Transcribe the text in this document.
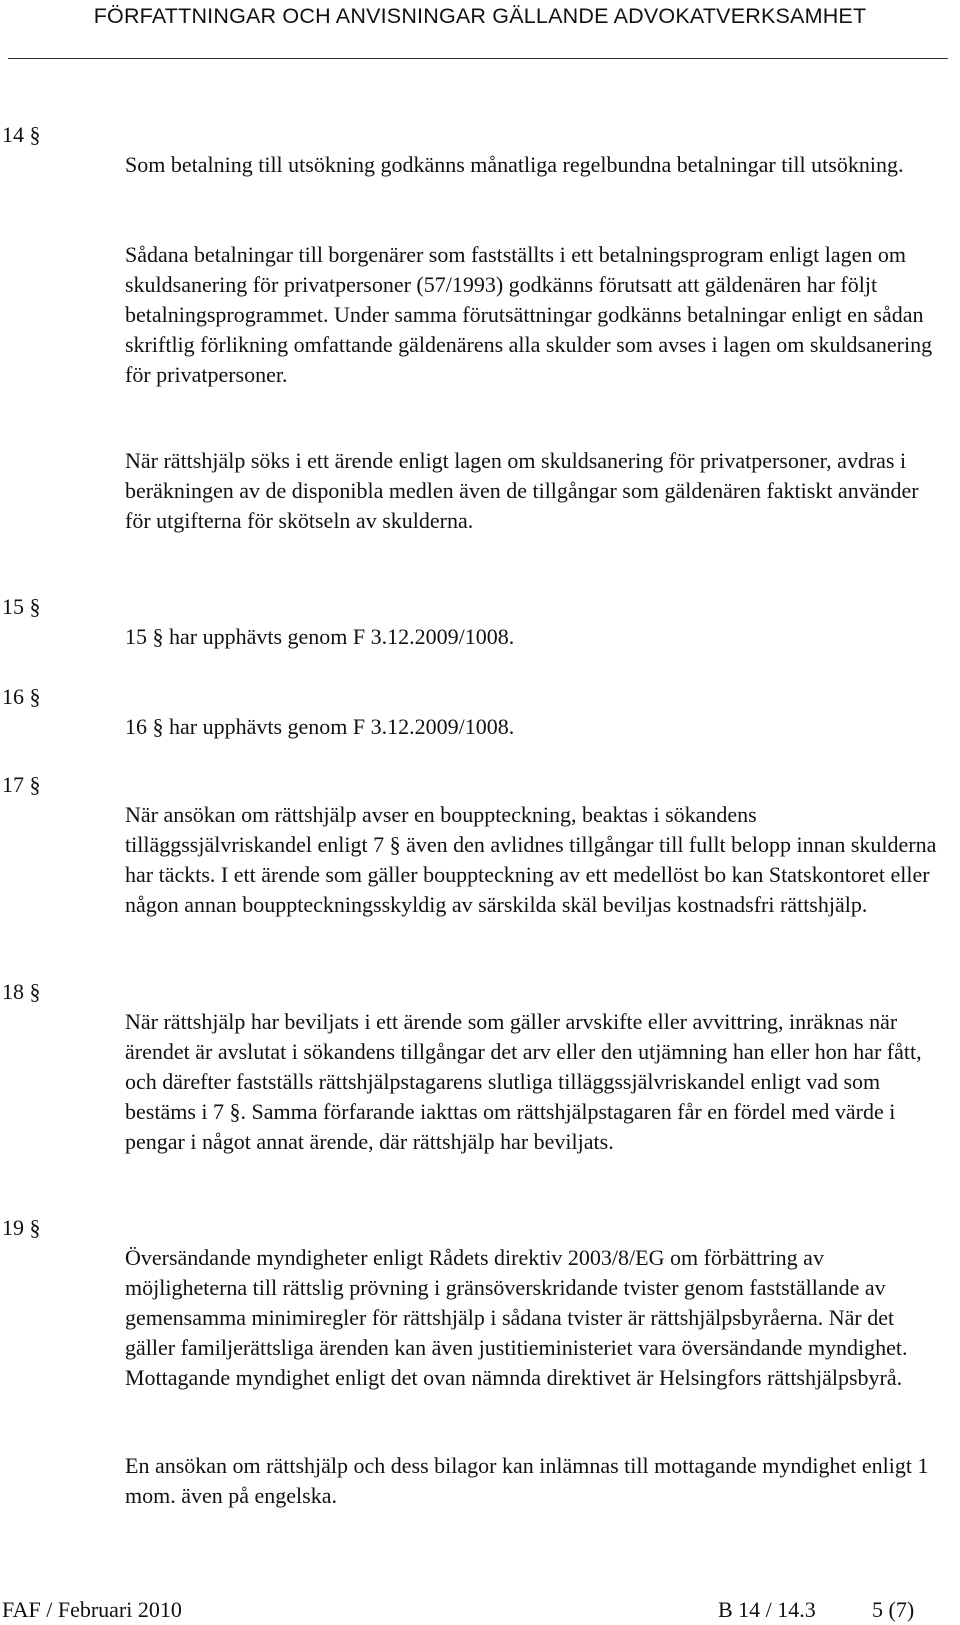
FÖRFATTNINGAR OCH ANVISNINGAR GÄLLANDE ADVOKATVERKSAMHET
14 §

Som betalning till utsökning godkänns månatliga regelbundna betalningar till utsökning.

Sådana betalningar till borgenärer som fastställts i ett betalningsprogram enligt lagen om skuldsanering för privatpersoner (57/1993) godkänns förutsatt att gäldenären har följt betalningsprogrammet. Under samma förutsättningar godkänns betalningar enligt en sådan skriftlig förlikning omfattande gäldenärens alla skulder som avses i lagen om skuldsanering för privatpersoner.

När rättshjälp söks i ett ärende enligt lagen om skuldsanering för privatpersoner, avdras i beräkningen av de disponibla medlen även de tillgångar som gäldenären faktiskt använder för utgifterna för skötseln av skulderna.

15 §

15 § har upphävts genom F 3.12.2009/1008.

16 §

16 § har upphävts genom F 3.12.2009/1008.

17 §

När ansökan om rättshjälp avser en bouppteckning, beaktas i sökandens tilläggssjälvriskandel enligt 7 § även den avlidnes tillgångar till fullt belopp innan skulderna har täckts. I ett ärende som gäller bouppteckning av ett medellöst bo kan Statskontoret eller någon annan bouppteckningsskyldig av särskilda skäl beviljas kostnadsfri rättshjälp.

18 §

När rättshjälp har beviljats i ett ärende som gäller arvskifte eller avvittring, inräknas när ärendet är avslutat i sökandens tillgångar det arv eller den utjämning han eller hon har fått, och därefter fastställs rättshjälpstagarens slutliga tilläggssjälvriskandel enligt vad som bestäms i 7 §. Samma förfarande iakttas om rättshjälpstagaren får en fördel med värde i pengar i något annat ärende, där rättshjälp har beviljats.

19 §

Översändande myndigheter enligt Rådets direktiv 2003/8/EG om förbättring av möjligheterna till rättslig prövning i gränsöverskridande tvister genom fastställande av gemensamma minimiregler för rättshjälp i sådana tvister är rättshjälpsbyråerna. När det gäller familjerättsliga ärenden kan även justitieministeriet vara översändande myndighet. Mottagande myndighet enligt det ovan nämnda direktivet är Helsingfors rättshjälpsbyrå.

En ansökan om rättshjälp och dess bilagor kan inlämnas till mottagande myndighet enligt 1 mom. även på engelska.

FAF / Februari 2010	B 14 / 14.3	5 (7)
